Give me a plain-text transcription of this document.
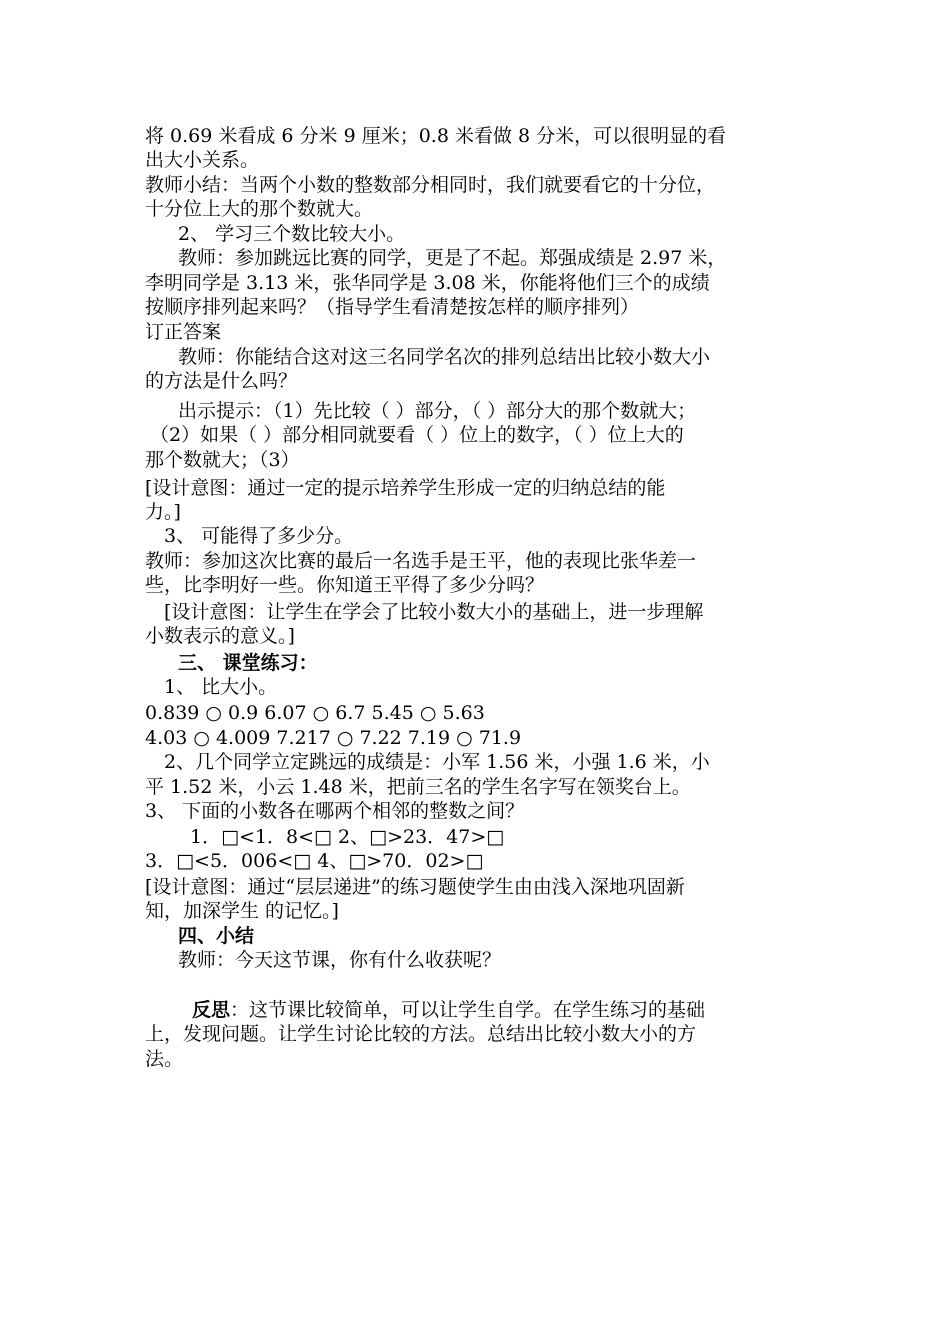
将 0.69 米看成 6 分米 9 厘米；0.8 米看做 8 分米，可以很明显的看
出大小关系。
教师小结：当两个小数的整数部分相同时，我们就要看它的十分位，
十分位上大的那个数就大。
2、 学习三个数比较大小。
教师：参加跳远比赛的同学，更是了不起。郑强成绩是 2.97 米，
李明同学是 3.13 米，张华同学是 3.08 米，你能将他们三个的成绩
按顺序排列起来吗？（指导学生看清楚按怎样的顺序排列）
订正答案
教师：你能结合这对这三名同学名次的排列总结出比较小数大小
的方法是什么吗？
出示提示：（1）先比较（ ）部分，（ ）部分大的那个数就大；
（2）如果（ ）部分相同就要看（ ）位上的数字，（ ）位上大的
那个数就大；（3）
[设计意图：通过一定的提示培养学生形成一定的归纳总结的能
力。]
3、 可能得了多少分。
教师：参加这次比赛的最后一名选手是王平，他的表现比张华差一
些，比李明好一些。你知道王平得了多少分吗？
[设计意图：让学生在学会了比较小数大小的基础上，进一步理解
小数表示的意义。]
三、 课堂练习：
1、 比大小。
0.839 ○ 0.9 6.07 ○ 6.7 5.45 ○ 5.63
4.03 ○ 4.009 7.217 ○ 7.22 7.19 ○ 71.9
2、几个同学立定跳远的成绩是：小军 1.56 米，小强 1.6 米，小
平 1.52 米，小云 1.48 米，把前三名的学生名字写在领奖台上。
3、 下面的小数各在哪两个相邻的整数之间？
1．□<1．8<□ 2、□>23．47>□
3．□<5．006<□ 4、□>70．02>□
[设计意图：通过“层层递进”的练习题使学生由由浅入深地巩固新
知，加深学生 的记忆。]
四、小结
教师：今天这节课，你有什么收获呢？
反思：这节课比较简单，可以让学生自学。在学生练习的基础
上，发现问题。让学生讨论比较的方法。总结出比较小数大小的方
法。
